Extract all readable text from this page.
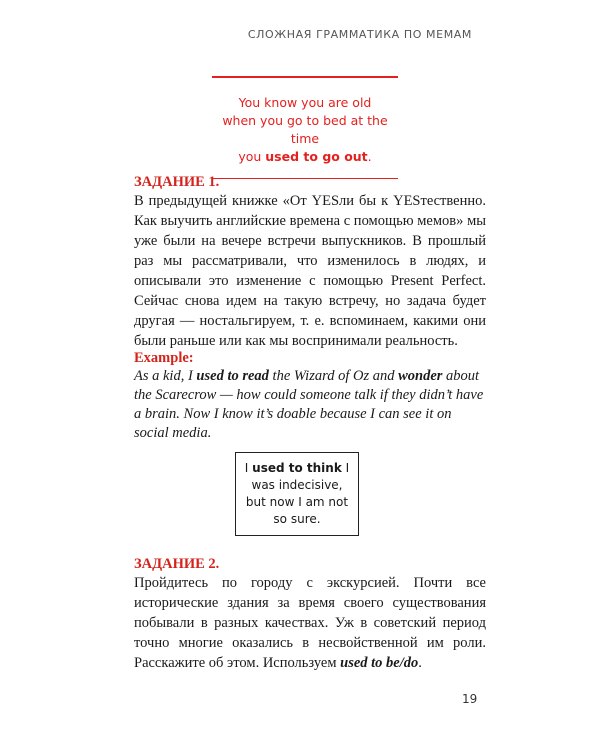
СЛОЖНАЯ ГРАММАТИКА ПО МЕМАМ
You know you are old
when you go to bed at the time
you used to go out.

ЗАДАНИЕ 1.

В предыдущей книжке «От YESли бы к YESтественно. Как выучить английские времена с помощью мемов» мы уже были на вечере встречи выпускников. В прошлый раз мы рассматривали, что изменилось в людях, и описывали это изменение с помощью Present Perfect. Сейчас снова идем на такую встречу, но задача будет другая — ностальгируем, т. е. вспоминаем, какими они были раньше или как мы воспринимали реальность.

Example:

As a kid, I used to read the Wizard of Oz and wonder about the Scarecrow — how could someone talk if they didn’t have a brain. Now I know it’s doable because I can see it on social media.

I used to think I was indecisive, but now I am not so sure.

ЗАДАНИЕ 2.

Пройдитесь по городу с экскурсией. Почти все исторические здания за время своего существования побывали в разных качествах. Уж в советский период точно многие оказались в несвойственной им роли. Расскажите об этом. Используем used to be/do.

19
